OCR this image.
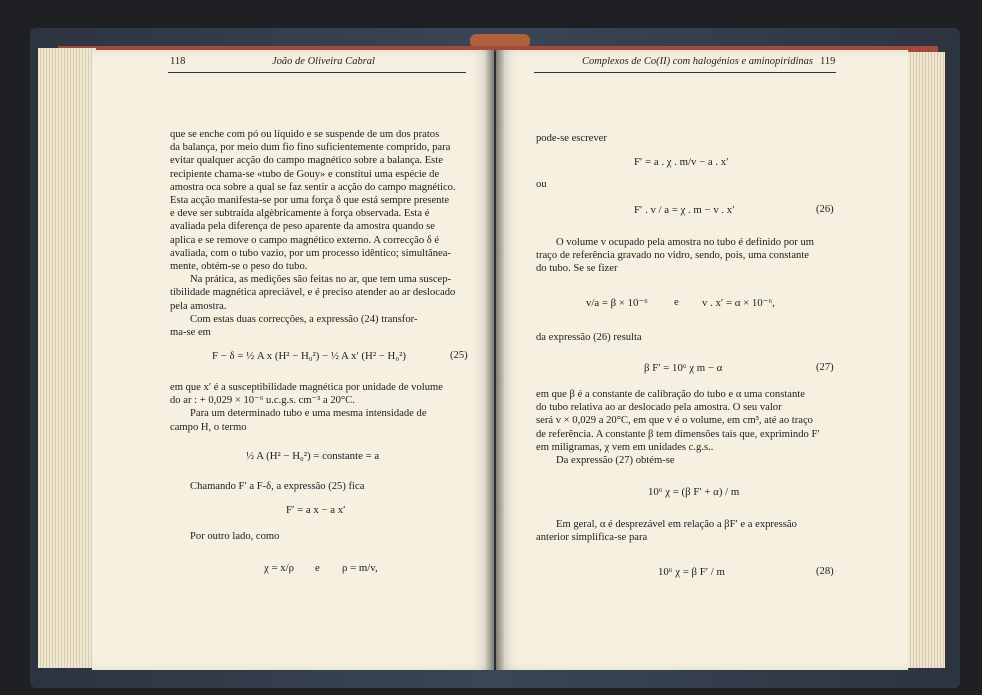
118	João de Oliveira Cabral
que se enche com pó ou líquido e se suspende de um dos pratos
da balança, por meio dum fio fino suficientemente comprido, para
evitar qualquer acção do campo magnético sobre a balança. Este
recipiente chama-se «tubo de Gouy» e constitui uma espécie de
amostra oca sobre a qual se faz sentir a acção do campo magnético.
Esta acção manifesta-se por uma força δ que está sempre presente
e deve ser subtraída algèbricamente à força observada. Esta é
avaliada pela diferença de peso aparente da amostra quando se
aplica e se remove o campo magnético externo. A correcção δ é
avaliada, com o tubo vazio, por um processo idêntico; simultânea-
mente, obtém-se o peso do tubo.
Na prática, as medições são feitas no ar, que tem uma suscep-
tibilidade magnética apreciável, e é preciso atender ao ar deslocado
pela amostra.
Com estas duas correcções, a expressão (24) transfor-
ma-se em
F − δ = ½ A x (H² − H₀²) − ½ A x′ (H² − H₀²)	(25)
em que x′ é a susceptibilidade magnética por unidade de volume
do ar : + 0,029 × 10⁻⁶ u.c.g.s. cm⁻³ a 20°C.
Para um determinado tubo e uma mesma intensidade de
campo H, o termo
½ A (H² − H₀²) = constante = a
Chamando F′ a F-δ, a expressão (25) fica
F′ = a x − a x′
Por outro lado, como
χ = x/ρ e ρ = m/v,
Complexos de Co(II) com halogénios e aminopiridinas 119
pode-se escrever
F′ = a . χ . m/v − a . x′
ou
F′ . v / a = χ . m − v . x′	(26)
O volume v ocupado pela amostra no tubo é definido por um
traço de referência gravado no vidro, sendo, pois, uma constante
do tubo. Se se fizer
v/a = β × 10⁻⁶ e v . x′ = α × 10⁻⁶,
da expressão (26) resulta
β F′ = 10⁶ χ m − α	(27)
em que β é a constante de calibração do tubo e α uma constante
do tubo relativa ao ar deslocado pela amostra. O seu valor
será v × 0,029 a 20°C, em que v é o volume, em cm³, até ao traço
de referência. A constante β tem dimensões tais que, exprimindo F′
em miligramas, χ vem em unidades c.g.s..
Da expressão (27) obtém-se
10⁶ χ = (β F′ + α) / m
Em geral, α é desprezável em relação a βF′ e a expressão
anterior simplifica-se para
10⁶ χ = β F′ / m	(28)
